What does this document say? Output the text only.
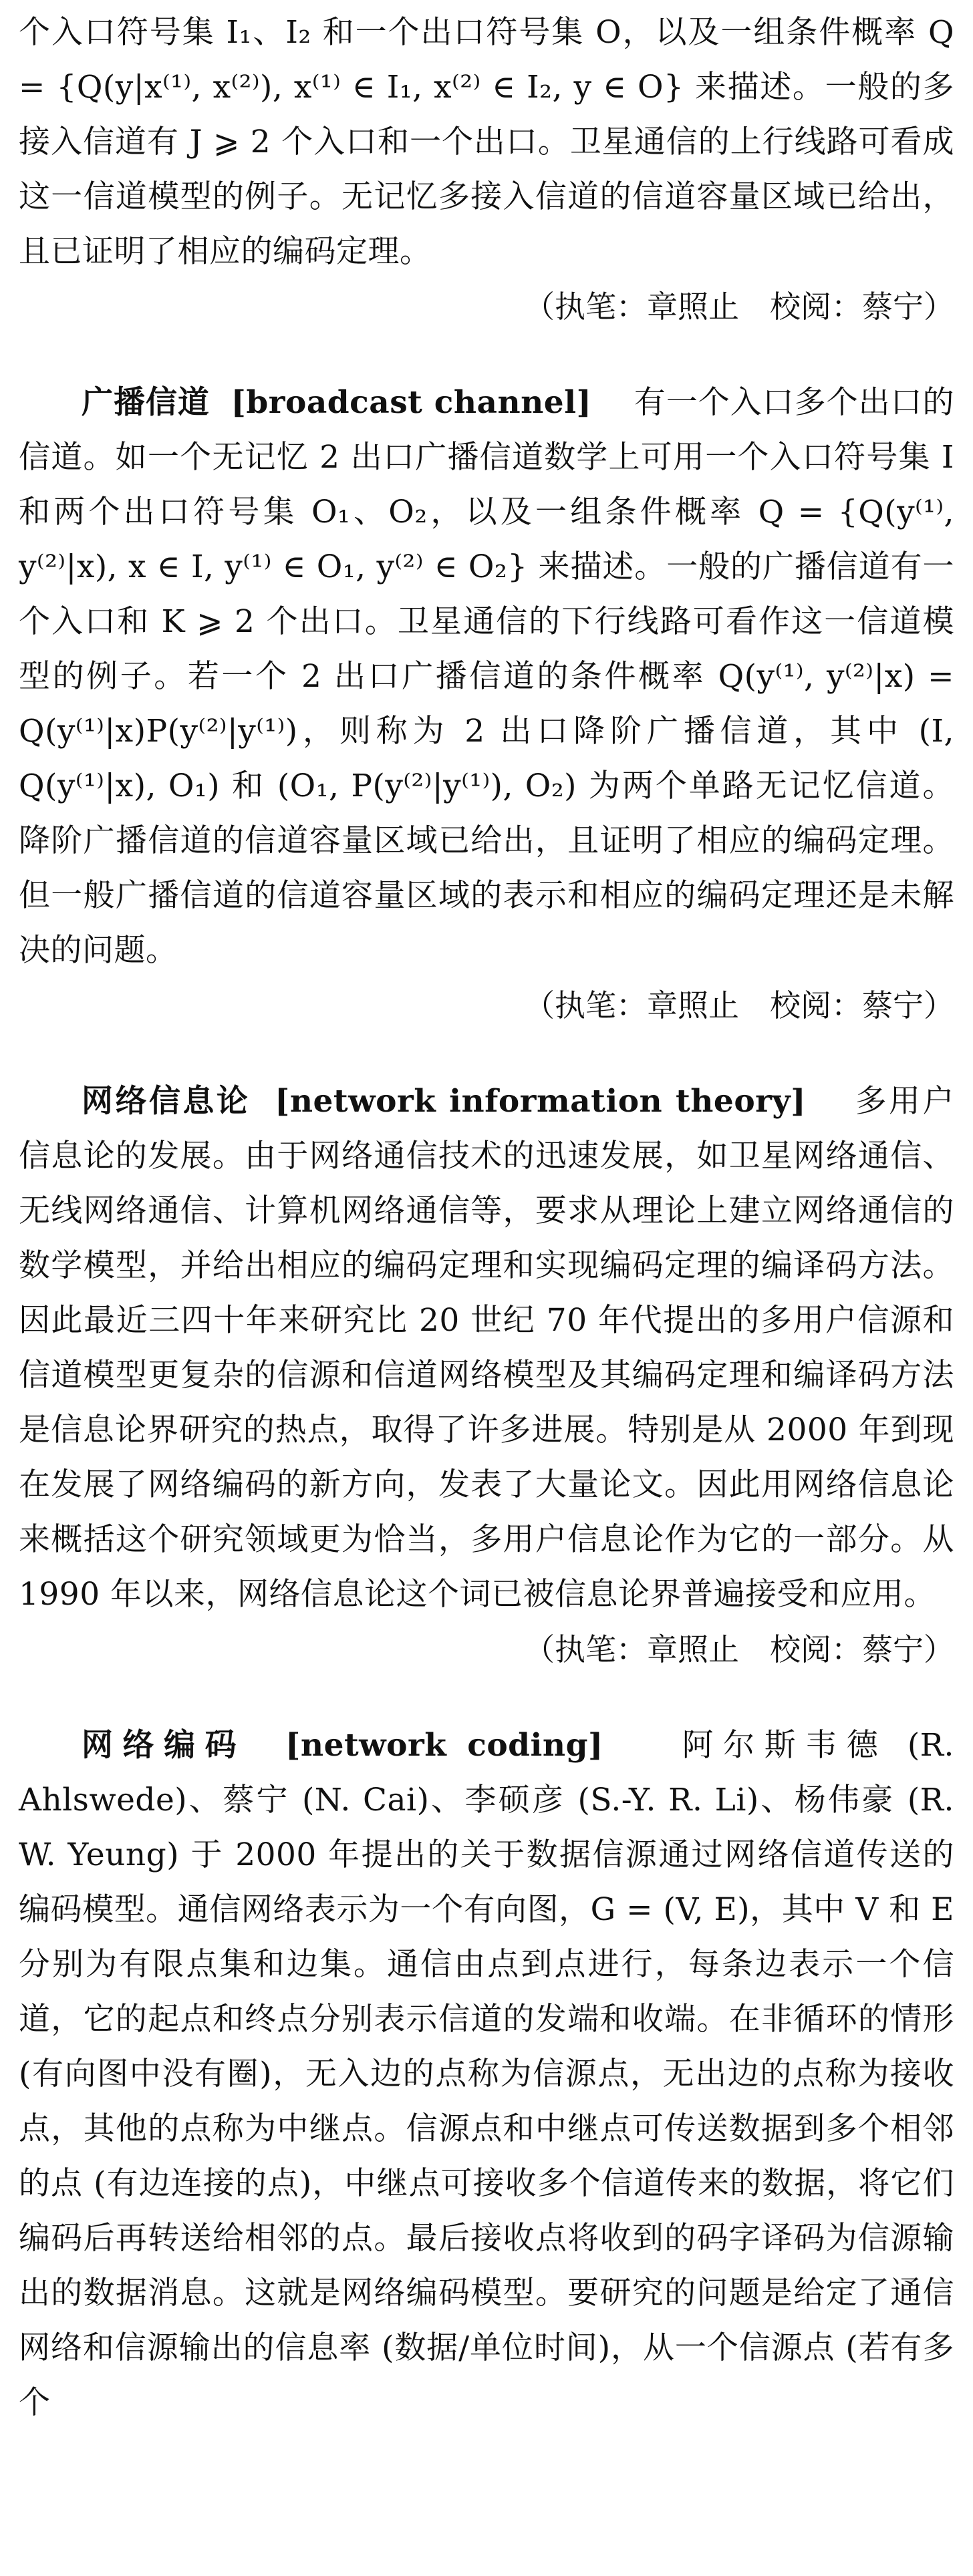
个入口符号集 I₁、I₂ 和一个出口符号集 O，以及一组条件概率 Q = {Q(y|x⁽¹⁾, x⁽²⁾), x⁽¹⁾ ∈ I₁, x⁽²⁾ ∈ I₂, y ∈ O} 来描述。一般的多接入信道有 J ⩾ 2 个入口和一个出口。卫星通信的上行线路可看成这一信道模型的例子。无记忆多接入信道的信道容量区域已给出，且已证明了相应的编码定理。

（执笔：章照止　校阅：蔡宁）

广播信道 [broadcast channel] 有一个入口多个出口的信道。如一个无记忆 2 出口广播信道数学上可用一个入口符号集 I 和两个出口符号集 O₁、O₂，以及一组条件概率 Q = {Q(y⁽¹⁾, y⁽²⁾|x), x ∈ I, y⁽¹⁾ ∈ O₁, y⁽²⁾ ∈ O₂} 来描述。一般的广播信道有一个入口和 K ⩾ 2 个出口。卫星通信的下行线路可看作这一信道模型的例子。若一个 2 出口广播信道的条件概率 Q(y⁽¹⁾, y⁽²⁾|x) = Q(y⁽¹⁾|x)P(y⁽²⁾|y⁽¹⁾)，则称为 2 出口降阶广播信道，其中 (I, Q(y⁽¹⁾|x), O₁) 和 (O₁, P(y⁽²⁾|y⁽¹⁾), O₂) 为两个单路无记忆信道。降阶广播信道的信道容量区域已给出，且证明了相应的编码定理。但一般广播信道的信道容量区域的表示和相应的编码定理还是未解决的问题。

（执笔：章照止　校阅：蔡宁）

网络信息论 [network information theory] 多用户信息论的发展。由于网络通信技术的迅速发展，如卫星网络通信、无线网络通信、计算机网络通信等，要求从理论上建立网络通信的数学模型，并给出相应的编码定理和实现编码定理的编译码方法。因此最近三四十年来研究比 20 世纪 70 年代提出的多用户信源和信道模型更复杂的信源和信道网络模型及其编码定理和编译码方法是信息论界研究的热点，取得了许多进展。特别是从 2000 年到现在发展了网络编码的新方向，发表了大量论文。因此用网络信息论来概括这个研究领域更为恰当，多用户信息论作为它的一部分。从 1990 年以来，网络信息论这个词已被信息论界普遍接受和应用。

（执笔：章照止　校阅：蔡宁）

网络编码 [network coding]	阿尔斯韦德 (R. Ahlswede)、蔡宁 (N. Cai)、李硕彦 (S.-Y. R. Li)、杨伟豪 (R. W. Yeung) 于 2000 年提出的关于数据信源通过网络信道传送的编码模型。通信网络表示为一个有向图，G = (V, E)，其中 V 和 E 分别为有限点集和边集。通信由点到点进行，每条边表示一个信道，它的起点和终点分别表示信道的发端和收端。在非循环的情形 (有向图中没有圈)，无入边的点称为信源点，无出边的点称为接收点，其他的点称为中继点。信源点和中继点可传送数据到多个相邻的点 (有边连接的点)，中继点可接收多个信道传来的数据，将它们编码后再转送给相邻的点。最后接收点将收到的码字译码为信源输出的数据消息。这就是网络编码模型。要研究的问题是给定了通信网络和信源输出的信息率 (数据/单位时间)，从一个信源点 (若有多个
